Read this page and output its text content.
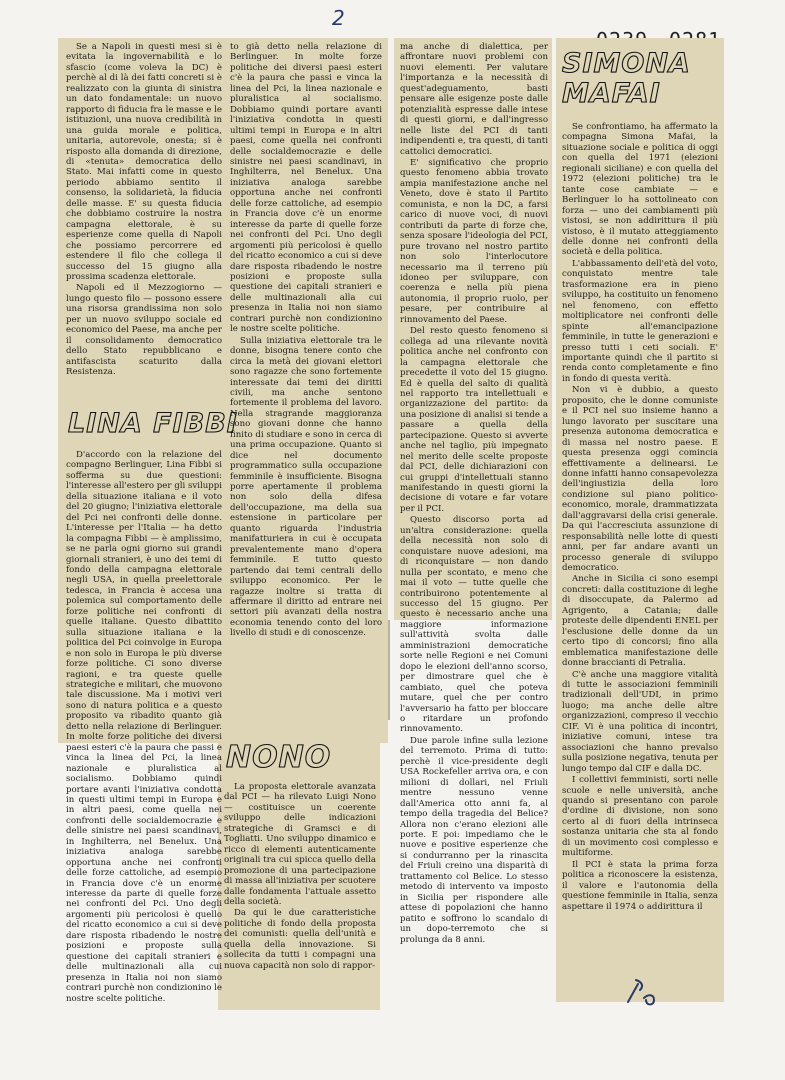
2

Se a Napoli in questi mesi si è evitata la ingovernabilità e lo sfascio (come voleva la DC) è perchè al di là dei fatti concreti si è realizzato con la giunta di sinistra un dato fondamentale: un nuovo rapporto di fiducia fra le masse e le istituzioni, una nuova credibilità in una guida morale e politica, unitaria, autorevole, onesta; si è risposto alla domanda di direzione, di «tenuta» democratica dello Stato. Mai infatti come in questo periodo abbiamo sentito il consenso, la solidarietà, la fiducia delle masse. E' su questa fiducia che dobbiamo costruire la nostra campagna elettorale, è su esperienze come quella di Napoli che possiamo percorrere ed estendere il filo che collega il successo del 15 giugno alla prossima scadenza elettorale.

Napoli ed il Mezzogiorno — lungo questo filo — possono essere una risorsa grandissima non solo per un nuovo sviluppo sociale ed economico del Paese, ma anche per il consolidamento democratico dello Stato repubblicano e antifascista scaturito dalla Resistenza.

LINA FIBBI

D'accordo con la relazione del compagno Berlinguer, Lina Fibbi si sofferma su due questioni: l'interesse all'estero per gli sviluppi della situazione italiana e il voto del 20 giugno; l'iniziativa elettorale del Pci nei confronti delle donne. L'interesse per l'Italia — ha detto la compagna Fibbi — è amplissimo, se ne parla ogni giorno sui grandi giornali stranieri, è uno dei temi di fondo della campagna elettorale negli USA, in quella preelettorale tedesca, in Francia è accesa una polemica sul comportamento delle forze politiche nei confronti di quelle italiane. Questo dibattito sulla situazione italiana e la politica del Pci coinvolge in Europa e non solo in Europa le più diverse forze politiche. Ci sono diverse ragioni, e tra queste quelle strategiche e militari, che muovono tale discussione. Ma i motivi veri sono di natura politica e a questo proposito va ribadito quanto già detto nella relazione di Berlinguer. In molte forze politiche dei diversi paesi esteri c'è la paura che passi e vinca la linea del Pci, la linea nazionale e pluralistica al socialismo. Dobbiamo quindi portare avanti l'iniziativa condotta in questi ultimi tempi in Europa e in altri paesi, come quella nei confronti delle socialdemocrazie e delle sinistre nei paesi scandinavi, in Inghilterra, nel Benelux. Una iniziativa analoga sarebbe opportuna anche nei confronti delle forze cattoliche, ad esempio in Francia dove c'è un enorme interesse da parte di quelle forze nei confronti del Pci. Uno degli argomenti più pericolosi è quello del ricatto economico a cui si deve dare risposta ribadendo le nostre posizioni e proposte sulla questione dei capitali stranieri e delle multinazionali alla cui presenza in Italia noi non siamo contrari purchè non condizionino le nostre scelte politiche.

to già detto nella relazione di Berlinguer. In molte forze politiche dei diversi paesi esteri c'è la paura che passi e vinca la linea del Pci, la linea nazionale e pluralistica al socialismo. Dobbiamo quindi portare avanti l'iniziativa condotta in questi ultimi tempi in Europa e in altri paesi, come quella nei confronti delle socialdemocrazie e delle sinistre nei paesi scandinavi, in Inghilterra, nel Benelux. Una iniziativa analoga sarebbe opportuna anche nei confronti delle forze cattoliche, ad esempio in Francia dove c'è un enorme interesse da parte di quelle forze nei confronti del Pci. Uno degli argomenti più pericolosi è quello del ricatto economico a cui si deve dare risposta ribadendo le nostre posizioni e proposte sulla questione dei capitali stranieri e delle multinazionali alla cui presenza in Italia noi non siamo contrari purchè non condizionino le nostre scelte politiche.

Sulla iniziativa elettorale tra le donne, bisogna tenere conto che circa la metà dei giovani elettori sono ragazze che sono fortemente interessate dai temi dei diritti civili, ma anche sentono fortemente il problema del lavoro. Nella stragrande maggioranza sono giovani donne che hanno finito di studiare e sono in cerca di una prima occupazione. Quanto si dice nel documento programmatico sulla occupazione femminile è insufficiente. Bisogna porre apertamente il problema non solo della difesa dell'occupazione, ma della sua estensione in particolare per quanto riguarda l'industria manifatturiera in cui è occupata prevalentemente mano d'opera femminile. E tutto questo partendo dai temi centrali dello sviluppo economico. Per le ragazze inoltre si tratta di affermare il diritto ad entrare nei settori più avanzati della nostra economia tenendo conto del loro livello di studi e di conoscenze.

NONO

La proposta elettorale avanzata dal PCI — ha rilevato Luigi Nono — costituisce un coerente sviluppo delle indicazioni strategiche di Gramsci e di Togliatti. Uno sviluppo dinamico e ricco di elementi autenticamente originali tra cui spicca quello della promozione di una partecipazione di massa all'iniziativa per scuotere dalle fondamenta l'attuale assetto della società.

Da qui le due caratteristiche politiche di fondo della proposta dei comunisti: quella dell'unità e quella della innovazione. Si sollecita da tutti i compagni una nuova capacità non solo di rappor-

ma anche di dialettica, per affrontare nuovi problemi con nuovi elementi. Per valutare l'importanza e la necessità di quest'adeguamento, basti pensare alle esigenze poste dalle potenzialità espresse dalle intese di questi giorni, e dall'ingresso nelle liste del PCI di tanti indipendenti e, tra questi, di tanti cattolici democratici.

E' significativo che proprio questo fenomeno abbia trovato ampia manifestazione anche nel Veneto, dove è stato il Partito comunista, e non la DC, a farsi carico di nuove voci, di nuovi contributi da parte di forze che, senza sposare l'ideologia del PCI, pure trovano nel nostro partito non solo l'interlocutore necessario ma il terreno più idoneo per sviluppare, con coerenza e nella più piena autonomia, il proprio ruolo, per pesare, per contribuire al rinnovamento del Paese.

Del resto questo fenomeno si collega ad una rilevante novità politica anche nel confronto con la campagna elettorale che precedette il voto del 15 giugno. Ed è quella del salto di qualità nel rapporto tra intellettuali e organizzazione del partito: da una posizione di analisi si tende a passare a quella della partecipazione. Questo si avverte anche nel taglio, più impegnato nel merito delle scelte proposte dal PCI, delle dichiarazioni con cui gruppi d'intellettuali stanno manifestando in questi giorni la decisione di votare e far votare per il PCI.

Questo discorso porta ad un'altra considerazione: quella della necessità non solo di conquistare nuove adesioni, ma di riconquistare — non dando nulla per scontato, e meno che mai il voto — tutte quelle che contribuirono potentemente al successo del 15 giugno. Per questo è necessario anche una maggiore informazione sull'attività svolta dalle amministrazioni democratiche sorte nelle Regioni e nei Comuni dopo le elezioni dell'anno scorso, per dimostrare quel che è cambiato, quel che poteva mutare, quel che per contro l'avversario ha fatto per bloccare o ritardare un profondo rinnovamento.

Due parole infine sulla lezione del terremoto. Prima di tutto: perchè il vice-presidente degli USA Rockefeller arriva ora, e con milioni di dollari, nel Friuli mentre nessuno venne dall'America otto anni fa, al tempo della tragedia del Belice? Allora non c'erano elezioni alle porte. E poi: impediamo che le nuove e positive esperienze che si condurranno per la rinascita del Friuli creino una disparità di trattamento col Belice. Lo stesso metodo di intervento va imposto in Sicilia per rispondere alle attese di popolazioni che hanno patito e soffrono lo scandalo di un dopo-terremoto che si prolunga da 8 anni.

SIMONA
MAFAI

Se confrontiamo, ha affermato la compagna Simona Mafai, la situazione sociale e politica di oggi con quella del 1971 (elezioni regionali siciliane) e con quella del 1972 (elezioni politiche) tra le tante cose cambiate — e Berlinguer lo ha sottolineato con forza — uno dei cambiamenti più vistosi, se non addirittura il più vistoso, è il mutato atteggiamento delle donne nei confronti della società e della politica.

L'abbassamento dell'età del voto, conquistato mentre tale trasformazione era in pieno sviluppo, ha costituito un fenomeno nel fenomeno, con effetto moltiplicatore nei confronti delle spinte all'emancipazione femminile, in tutte le generazioni e presso tutti i ceti sociali. E' importante quindi che il partito si renda conto completamente e fino in fondo di questa verità.

Non vi è dubbio, a questo proposito, che le donne comuniste e il PCI nel suo insieme hanno a lungo lavorato per suscitare una presenza autonoma democratica e di massa nel nostro paese. E questa presenza oggi comincia effettivamente a delinearsi. Le donne infatti hanno consapevolezza dell'ingiustizia della loro condizione sul piano politico-economico, morale, drammatizzata dall'aggravarsi della crisi generale. Da qui l'accresciuta assunzione di responsabilità nelle lotte di questi anni, per far andare avanti un processo generale di sviluppo democratico.

Anche in Sicilia ci sono esempi concreti: dalla costituzione di leghe di disoccupate, da Palermo ad Agrigento, a Catania; dalle proteste delle dipendenti ENEL per l'esclusione delle donne da un certo tipo di concorsi; fino alla emblematica manifestazione delle donne braccianti di Petralia.

C'è anche una maggiore vitalità di tutte le associazioni femminili tradizionali dell'UDI, in primo luogo; ma anche delle altre organizzazioni, compreso il vecchio CIF. Vi è una politica di incontri, iniziative comuni, intese tra associazioni che hanno prevalso sulla posizione negativa, tenuta per lungo tempo dal CIF e dalla DC.

I collettivi femministi, sorti nelle scuole e nelle università, anche quando si presentano con parole d'ordine di divisione, non sono certo al di fuori della intrinseca sostanza unitaria che sta al fondo di un movimento così complesso e multiforme.

Il PCI è stata la prima forza politica a riconoscere la esistenza, il valore e l'autonomia della questione femminile in Italia, senza aspettare il 1974 o addirittura il
